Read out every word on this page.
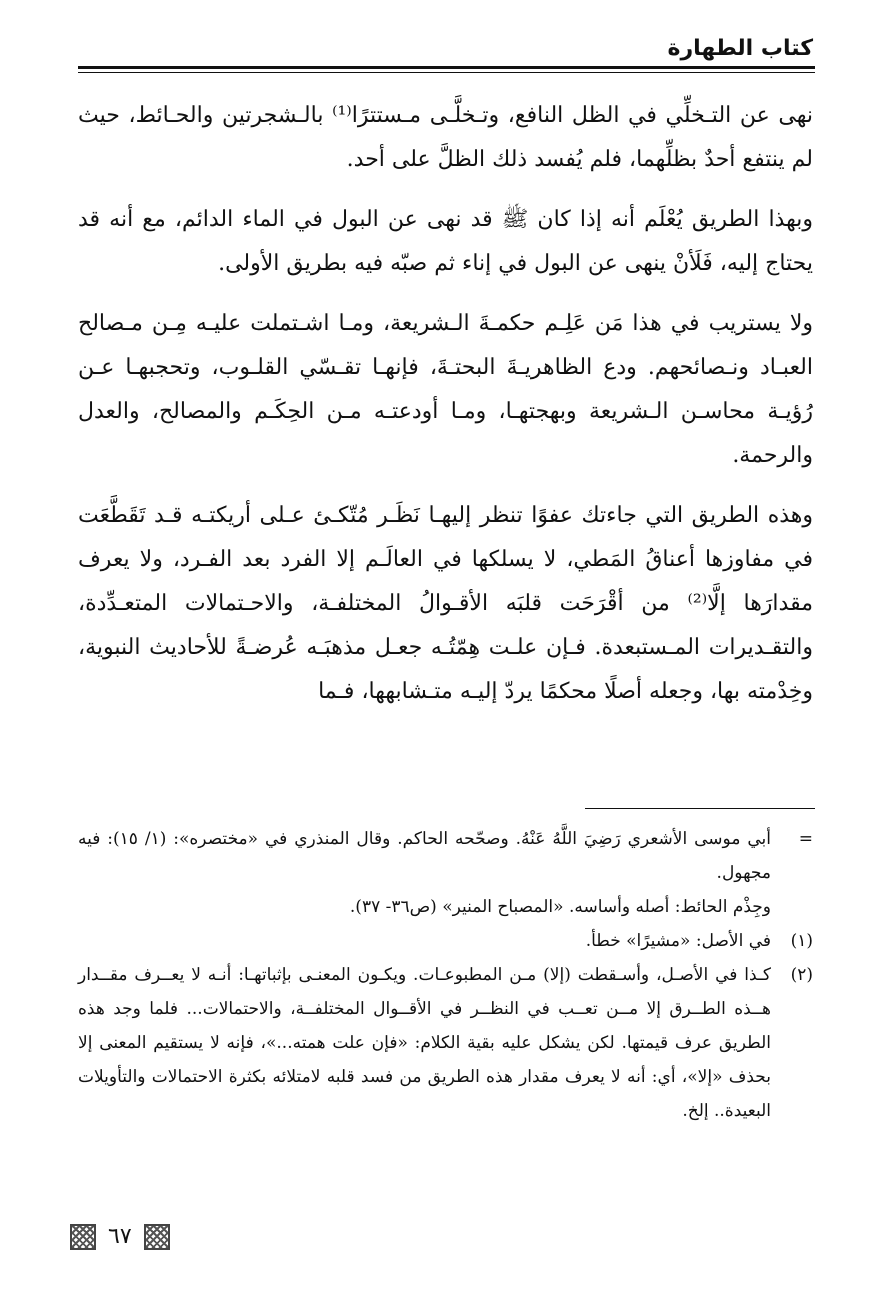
كتاب الطهارة

نهى عن التـخلِّي في الظل النافع، وتـخلَّـى مـستترًا⁽¹⁾ بالـشجرتين والحـائط، حيث لم ينتفع أحدٌ بظلِّهما، فلم يُفسد ذلك الظلَّ على أحد.

وبهذا الطريق يُعْلَم أنه إذا كان ﷺ قد نهى عن البول في الماء الدائم، مع أنه قد يحتاج إليه، فَلَأنْ ينهى عن البول في إناء ثم صبّه فيه بطريق الأولى.

ولا يستريب في هذا مَن عَلِـم حكمـةَ الـشريعة، ومـا اشـتملت عليـه مِـن مـصالح العبـاد ونـصائحهم. ودع الظاهريـةَ البحتـةَ، فإنهـا تقـسّي القلـوب، وتحجبهـا عـن رُؤيـة محاسـن الـشريعة وبهجتهـا، ومـا أودعتـه مـن الحِكَـم والمصالح، والعدل والرحمة.

وهذه الطريق التي جاءتك عفوًا تنظر إليهـا نَظَـر مُتّكـئ عـلى أريكتـه قـد تَقَطَّعَت في مفاوزها أعناقُ المَطي، لا يسلكها في العالَـم إلا الفرد بعد الفـرد، ولا يعرف مقدارَها إلَّا⁽²⁾ من أقْرَحَت قلبَه الأقـوالُ المختلفـة، والاحـتمالات المتعـدِّدة، والتقـديرات المـستبعدة. فـإن علـت هِمّتُـه جعـل مذهبَـه عُرضـةً للأحاديث النبوية، وخِدْمته بها، وجعله أصلًا محكمًا يردّ إليـه متـشابهها، فـما

=

أبي موسى الأشعري رَضِيَ اللَّهُ عَنْهُ. وصحّحه الحاكم. وقال المنذري في «مختصره»: (١/ ١٥): فيه مجهول.

وجِذْم الحائط: أصله وأساسه. «المصباح المنير» (ص٣٦- ٣٧).

(١)

في الأصل: «مشيرًا» خطأ.

(٢)

كـذا في الأصـل، وأسـقطت (إلا) مـن المطبوعـات. ويكـون المعنـى بإثباتهـا: أنـه لا يعــرف مقــدار هــذه الطــرق إلا مــن تعــب في النظــر في الأقــوال المختلفــة، والاحتمالات... فلما وجد هذه الطريق عرف قيمتها. لكن يشكل عليه بقية الكلام: «فإن علت همته...»، فإنه لا يستقيم المعنى إلا بحذف «إلا»، أي: أنه لا يعرف مقدار هذه الطريق من فسد قلبه لامتلائه بكثرة الاحتمالات والتأويلات البعيدة.. إلخ.

٦٧
